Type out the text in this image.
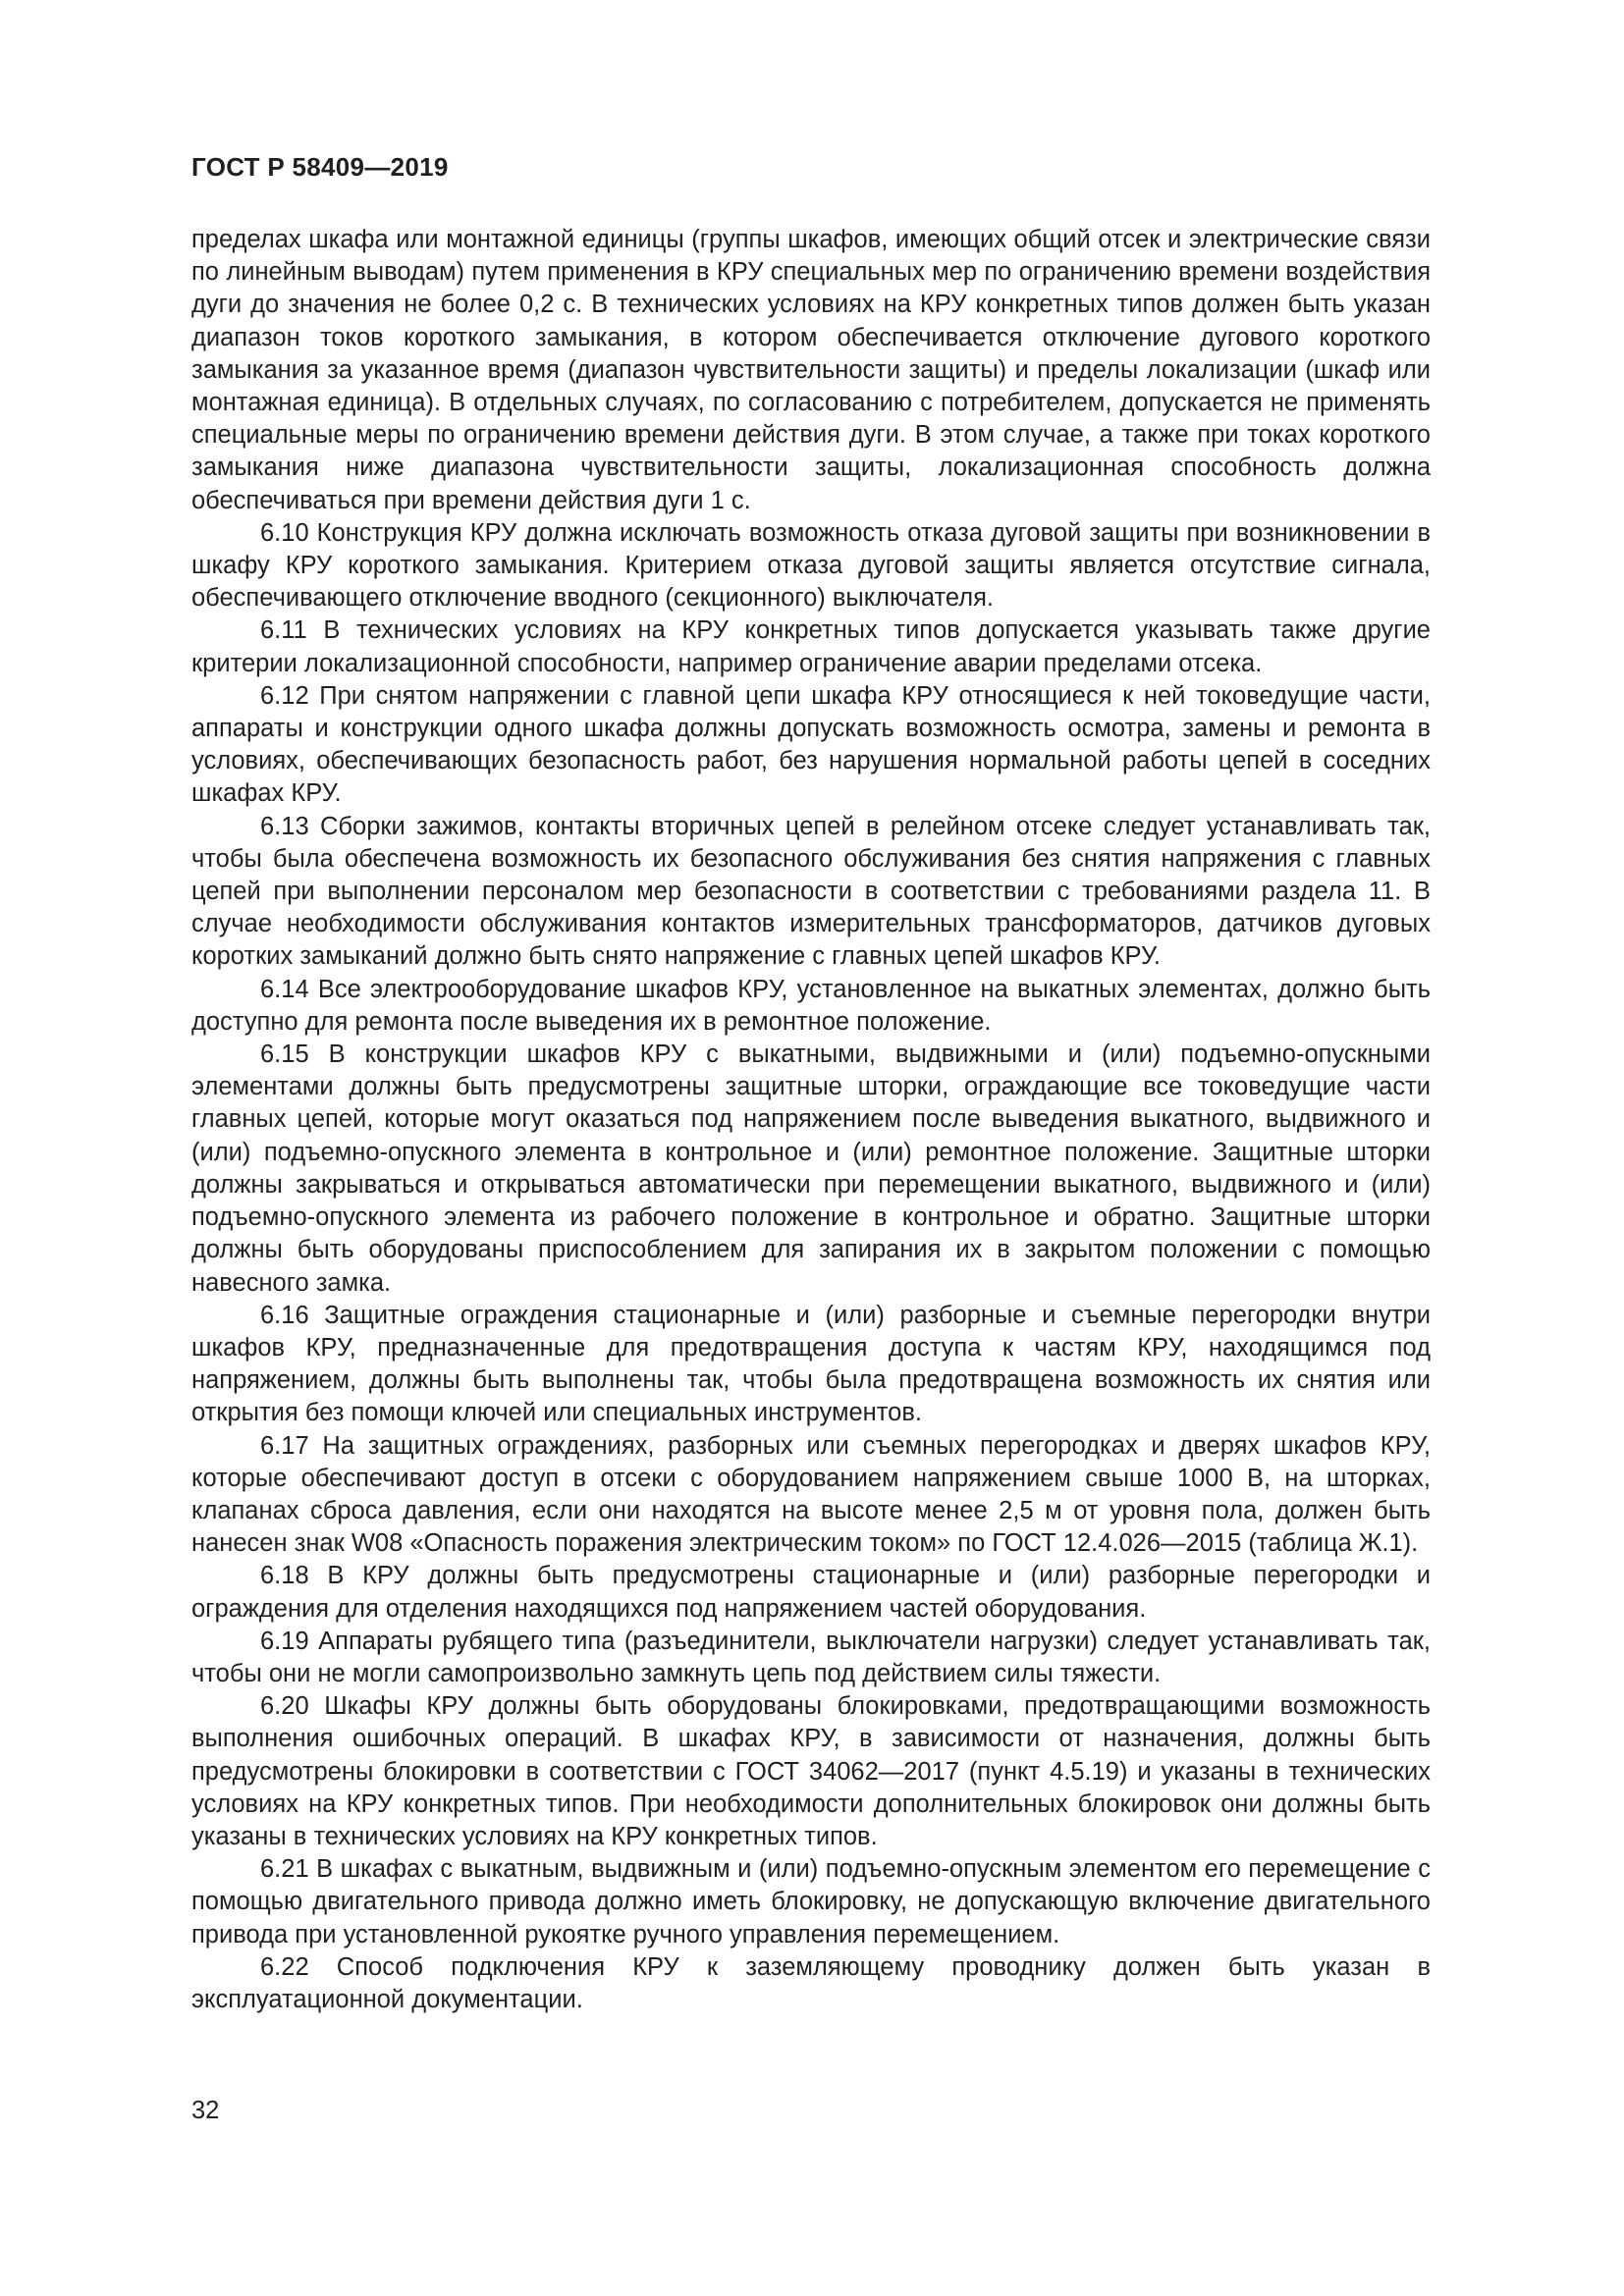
ГОСТ Р 58409—2019

пределах шкафа или монтажной единицы (группы шкафов, имеющих общий отсек и электрические связи по линейным выводам) путем применения в КРУ специальных мер по ограничению времени воздействия дуги до значения не более 0,2 с. В технических условиях на КРУ конкретных типов должен быть указан диапазон токов короткого замыкания, в котором обеспечивается отключение дугового короткого замыкания за указанное время (диапазон чувствительности защиты) и пределы локализации (шкаф или монтажная единица). В отдельных случаях, по согласованию с потребителем, допускается не применять специальные меры по ограничению времени действия дуги. В этом случае, а также при токах короткого замыкания ниже диапазона чувствительности защиты, локализационная способность должна обеспечиваться при времени действия дуги 1 с.

6.10 Конструкция КРУ должна исключать возможность отказа дуговой защиты при возникновении в шкафу КРУ короткого замыкания. Критерием отказа дуговой защиты является отсутствие сигнала, обеспечивающего отключение вводного (секционного) выключателя.

6.11 В технических условиях на КРУ конкретных типов допускается указывать также другие критерии локализационной способности, например ограничение аварии пределами отсека.

6.12 При снятом напряжении с главной цепи шкафа КРУ относящиеся к ней токоведущие части, аппараты и конструкции одного шкафа должны допускать возможность осмотра, замены и ремонта в условиях, обеспечивающих безопасность работ, без нарушения нормальной работы цепей в соседних шкафах КРУ.

6.13 Сборки зажимов, контакты вторичных цепей в релейном отсеке следует устанавливать так, чтобы была обеспечена возможность их безопасного обслуживания без снятия напряжения с главных цепей при выполнении персоналом мер безопасности в соответствии с требованиями раздела 11. В случае необходимости обслуживания контактов измерительных трансформаторов, датчиков дуговых коротких замыканий должно быть снято напряжение с главных цепей шкафов КРУ.

6.14 Все электрооборудование шкафов КРУ, установленное на выкатных элементах, должно быть доступно для ремонта после выведения их в ремонтное положение.

6.15 В конструкции шкафов КРУ с выкатными, выдвижными и (или) подъемно-опускными элементами должны быть предусмотрены защитные шторки, ограждающие все токоведущие части главных цепей, которые могут оказаться под напряжением после выведения выкатного, выдвижного и (или) подъемно-опускного элемента в контрольное и (или) ремонтное положение. Защитные шторки должны закрываться и открываться автоматически при перемещении выкатного, выдвижного и (или) подъемно-опускного элемента из рабочего положение в контрольное и обратно. Защитные шторки должны быть оборудованы приспособлением для запирания их в закрытом положении с помощью навесного замка.

6.16 Защитные ограждения стационарные и (или) разборные и съемные перегородки внутри шкафов КРУ, предназначенные для предотвращения доступа к частям КРУ, находящимся под напряжением, должны быть выполнены так, чтобы была предотвращена возможность их снятия или открытия без помощи ключей или специальных инструментов.

6.17 На защитных ограждениях, разборных или съемных перегородках и дверях шкафов КРУ, которые обеспечивают доступ в отсеки с оборудованием напряжением свыше 1000 В, на шторках, клапанах сброса давления, если они находятся на высоте менее 2,5 м от уровня пола, должен быть нанесен знак W08 «Опасность поражения электрическим током» по ГОСТ 12.4.026—2015 (таблица Ж.1).

6.18 В КРУ должны быть предусмотрены стационарные и (или) разборные перегородки и ограждения для отделения находящихся под напряжением частей оборудования.

6.19 Аппараты рубящего типа (разъединители, выключатели нагрузки) следует устанавливать так, чтобы они не могли самопроизвольно замкнуть цепь под действием силы тяжести.

6.20 Шкафы КРУ должны быть оборудованы блокировками, предотвращающими возможность выполнения ошибочных операций. В шкафах КРУ, в зависимости от назначения, должны быть предусмотрены блокировки в соответствии с ГОСТ 34062—2017 (пункт 4.5.19) и указаны в технических условиях на КРУ конкретных типов. При необходимости дополнительных блокировок они должны быть указаны в технических условиях на КРУ конкретных типов.

6.21 В шкафах с выкатным, выдвижным и (или) подъемно-опускным элементом его перемещение с помощью двигательного привода должно иметь блокировку, не допускающую включение двигательного привода при установленной рукоятке ручного управления перемещением.

6.22 Способ подключения КРУ к заземляющему проводнику должен быть указан в эксплуатационной документации.

32
